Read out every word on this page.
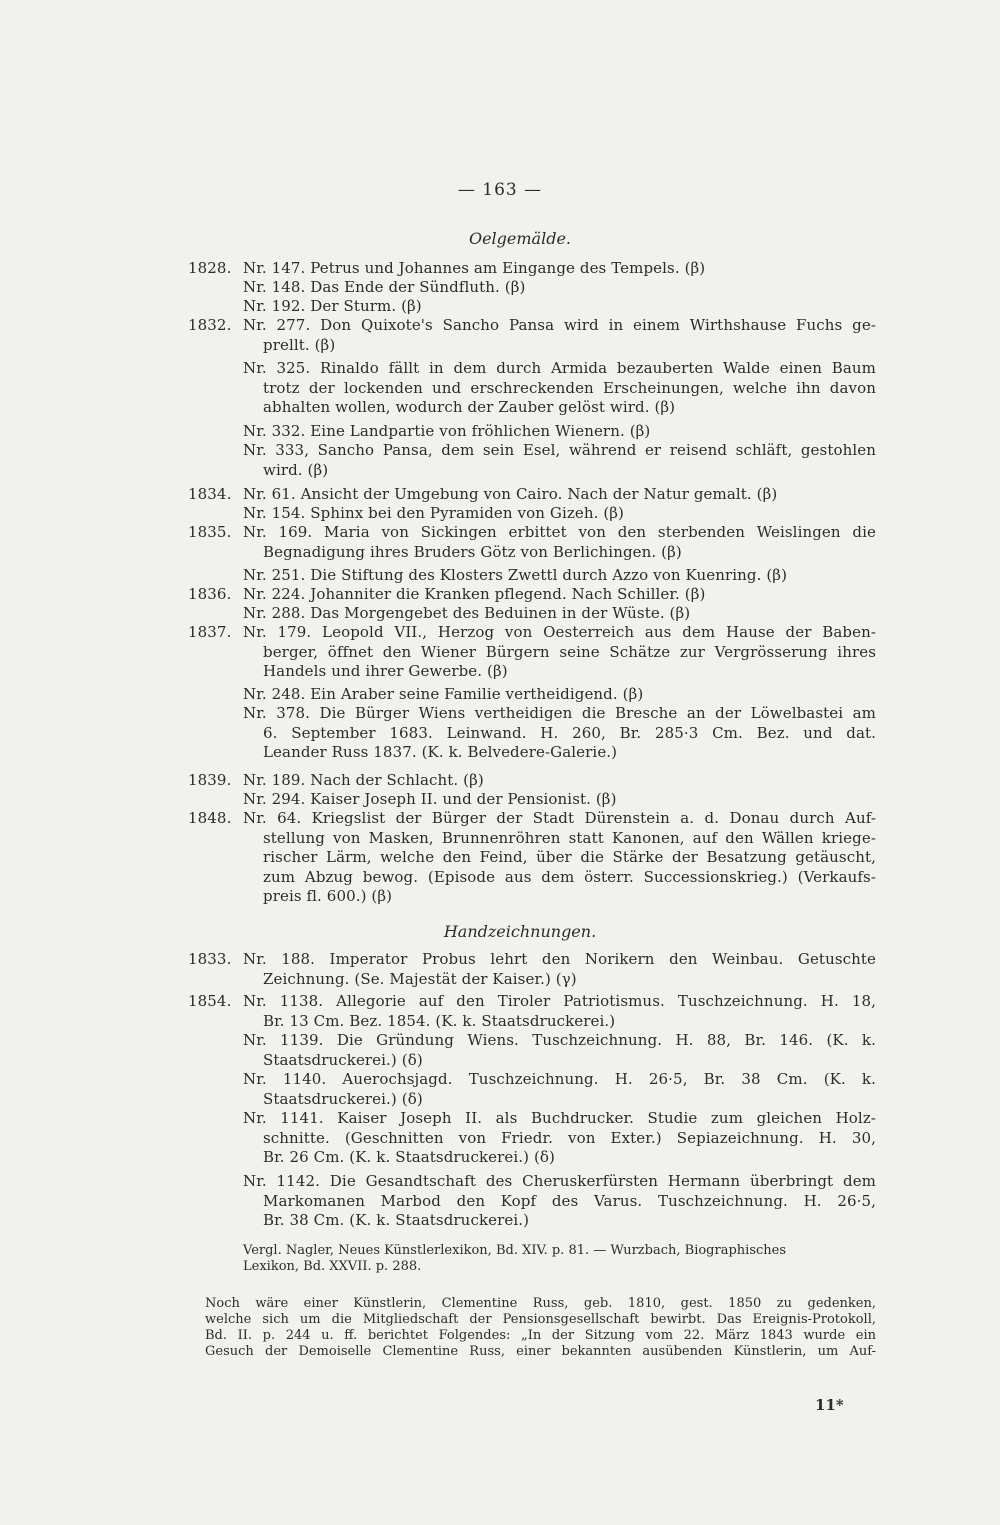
— 163 —
Oelgemälde.
Handzeichnungen.
1828. Nr. 147. Petrus und Johannes am Eingange des Tempels. (β)
Nr. 148. Das Ende der Sündfluth. (β)
Nr. 192. Der Sturm. (β)
1832. Nr. 277. Don Quixote's Sancho Pansa wird in einem Wirthshause Fuchs ge-
prellt. (β)
Nr. 325. Rinaldo fällt in dem durch Armida bezauberten Walde einen Baum
trotz der lockenden und erschreckenden Erscheinungen, welche ihn davon
abhalten wollen, wodurch der Zauber gelöst wird. (β)
Nr. 332. Eine Landpartie von fröhlichen Wienern. (β)
Nr. 333, Sancho Pansa, dem sein Esel, während er reisend schläft, gestohlen
wird. (β)
1834. Nr. 61. Ansicht der Umgebung von Cairo. Nach der Natur gemalt. (β)
Nr. 154. Sphinx bei den Pyramiden von Gizeh. (β)
1835. Nr. 169. Maria von Sickingen erbittet von den sterbenden Weislingen die
Begnadigung ihres Bruders Götz von Berlichingen. (β)
Nr. 251. Die Stiftung des Klosters Zwettl durch Azzo von Kuenring. (β)
1836. Nr. 224. Johanniter die Kranken pflegend. Nach Schiller. (β)
Nr. 288. Das Morgengebet des Beduinen in der Wüste. (β)
1837. Nr. 179. Leopold VII., Herzog von Oesterreich aus dem Hause der Baben-
berger, öffnet den Wiener Bürgern seine Schätze zur Vergrösserung ihres
Handels und ihrer Gewerbe. (β)
Nr. 248. Ein Araber seine Familie vertheidigend. (β)
Nr. 378. Die Bürger Wiens vertheidigen die Bresche an der Löwelbastei am
6. September 1683. Leinwand. H. 260, Br. 285·3 Cm. Bez. und dat.
Leander Russ 1837. (K. k. Belvedere-Galerie.)
1839. Nr. 189. Nach der Schlacht. (β)
Nr. 294. Kaiser Joseph II. und der Pensionist. (β)
1848. Nr. 64. Kriegslist der Bürger der Stadt Dürenstein a. d. Donau durch Auf-
stellung von Masken, Brunnenröhren statt Kanonen, auf den Wällen kriege-
rischer Lärm, welche den Feind, über die Stärke der Besatzung getäuscht,
zum Abzug bewog. (Episode aus dem österr. Successionskrieg.) (Verkaufs-
preis fl. 600.) (β)
1833. Nr. 188. Imperator Probus lehrt den Norikern den Weinbau. Getuschte
Zeichnung. (Se. Majestät der Kaiser.) (γ)
1854. Nr. 1138. Allegorie auf den Tiroler Patriotismus. Tuschzeichnung. H. 18,
Br. 13 Cm. Bez. 1854. (K. k. Staatsdruckerei.)
Nr. 1139. Die Gründung Wiens. Tuschzeichnung. H. 88, Br. 146. (K. k.
Staatsdruckerei.) (δ)
Nr. 1140. Auerochsjagd. Tuschzeichnung. H. 26·5, Br. 38 Cm. (K. k.
Staatsdruckerei.) (δ)
Nr. 1141. Kaiser Joseph II. als Buchdrucker. Studie zum gleichen Holz-
schnitte. (Geschnitten von Friedr. von Exter.) Sepiazeichnung. H. 30,
Br. 26 Cm. (K. k. Staatsdruckerei.) (δ)
Nr. 1142. Die Gesandtschaft des Cheruskerfürsten Hermann überbringt dem
Markomanen Marbod den Kopf des Varus. Tuschzeichnung. H. 26·5,
Br. 38 Cm. (K. k. Staatsdruckerei.)
Vergl. Nagler, Neues Künstlerlexikon, Bd. XIV. p. 81. — Wurzbach, Biographisches
Lexikon, Bd. XXVII. p. 288.
Noch wäre einer Künstlerin, Clementine Russ, geb. 1810, gest. 1850 zu gedenken,
welche sich um die Mitgliedschaft der Pensionsgesellschaft bewirbt. Das Ereignis-Protokoll,
Bd. II. p. 244 u. ff. berichtet Folgendes: „In der Sitzung vom 22. März 1843 wurde ein
Gesuch der Demoiselle Clementine Russ, einer bekannten ausübenden Künstlerin, um Auf-
11*
